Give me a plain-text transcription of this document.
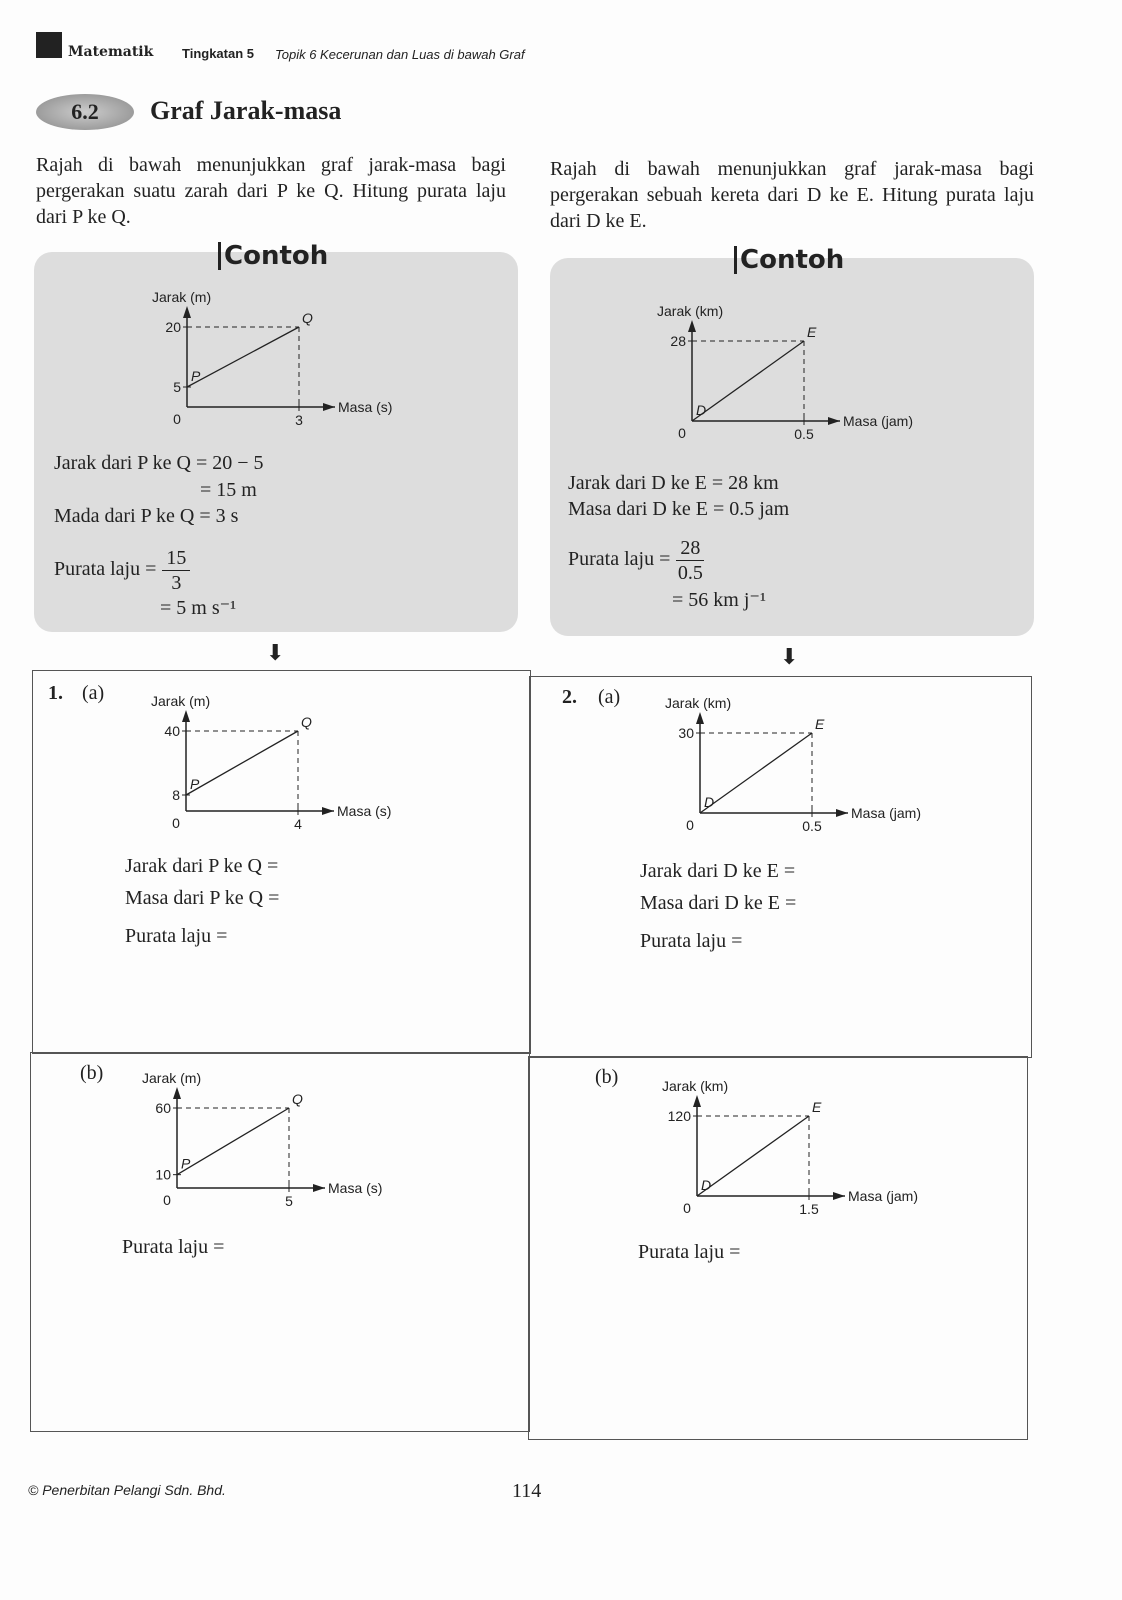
Matematik Tingkatan 5 Topik 6 Kecerunan dan Luas di bawah Graf
6.2	Graf Jarak-masa
Rajah di bawah menunjukkan graf jarak-masa bagi pergerakan suatu zarah dari P ke Q. Hitung purata laju dari P ke Q.
Rajah di bawah menunjukkan graf jarak-masa bagi pergerakan sebuah kereta dari D ke E. Hitung purata laju dari D ke E.
Contoh
Jarak (m)
Masa (s)
0
20
5
3
P
Q
Jarak dari P ke Q = 20 − 5
= 15 m
Mada dari P ke Q = 3 s
Purata laju = $\frac{15}{3}$
= 5 m s⁻¹
Contoh
Jarak (km)
Masa (jam)
0
28
0.5
D
E
Jarak dari D ke E = 28 km
Masa dari D ke E = 0.5 jam
Purata laju = $\frac{28}{0.5}$
= 56 km j⁻¹
⬇	⬇
1. (a)	Jarak (m)
Masa (s)
0
40
8
4
P
Q
Jarak dari P ke Q =
Masa dari P ke Q =
Purata laju =
2. (a)	Jarak (km)
Masa (jam)
0
30
0.5
D
E
Jarak dari D ke E =
Masa dari D ke E =
Purata laju =
(b)	Jarak (m)
Masa (s)
0
60
10
5
P
Q
Purata laju =
(b)	Jarak (km)
Masa (jam)
0
120
1.5
D
E
Purata laju =
© Penerbitan Pelangi Sdn. Bhd.	114
